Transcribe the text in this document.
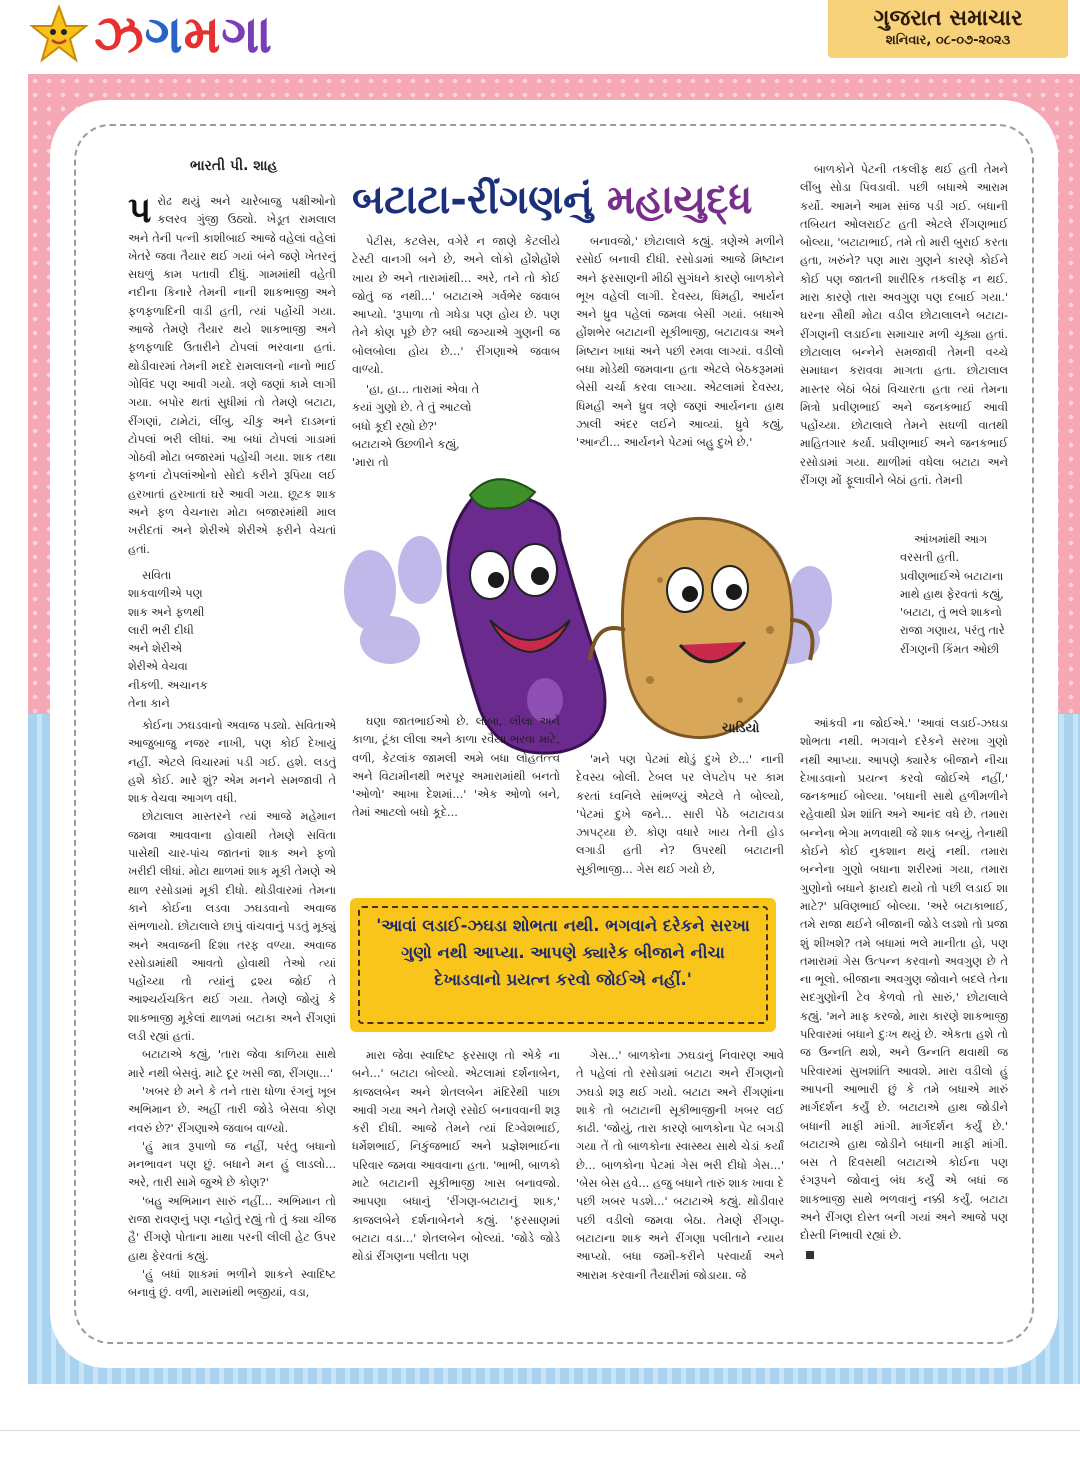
ઝગમગ	ગુજરાત સમાચાર
શનિવાર, ૦૮-૦૭-૨૦૨૩
ભારતી પી. શાહ
બટાટા-રીંગણનું મહાયુદ્ધ
પ રોઢ થયું અને ચારેબાજુ પક્ષીઓનો કલરવ ગુંજી ઉઠ્યો. ખેડૂત રામલાલ અને તેની પત્ની કાશીબાઈ આજે વહેલાં વહેલાં ખેતરે જવા તૈયાર થઈ ગયાં બંને જણે ખેતરનું સઘળું કામ પતાવી દીધું. ગામમાંથી વહેતી નદીના કિનારે તેમની નાની શાકભાજી અને ફળફળાદિની વાડી હતી, ત્યાં પહોંચી ગયા. આજે તેમણે તૈયાર થયે શાકભાજી અને ફળફળાદિ ઉતારીને ટોપલાં ભરવાના હતાં. થોડીવારમાં તેમની મદદે રામલાલનો નાનો ભાઈ ગોવિંદ પણ આવી ગયો. ત્રણે જણાં કામે લાગી ગયા. બપોર થતાં સુધીમાં તો તેમણે બટાટા, રીંગણાં, ટામેટાં, લીંબુ, ચીકુ અને દાડમનાં ટોપલાં ભરી લીધાં. આ બધાં ટોપલાં ગાડામાં ગોઠવી મોટા બજારમાં પહોંચી ગયા. શાક તથા ફળનાં ટોપલાંઓનો સોદો કરીને રૂપિયા લઈ હરખાતાં હરખાતાં ઘરે આવી ગયા. છૂટક શાક અને ફળ વેચનારા મોટા બજારમાંથી માલ ખરીદતાં અને શેરીએ શેરીએ ફરીને વેચતાં હતાં.

સવિતા શાકવાળીએ પણ શાક અને ફળથી લારી ભરી દીધી અને શેરીએ શેરીએ વેચવા નીકળી. અચાનક તેના કાને

કોઈના ઝઘડવાનો અવાજ પડ્યો. સવિતાએ આજુબાજુ નજર નાખી, પણ કોઈ દેખાયું નહીં. એટલે વિચારમાં પડી ગઈ. હશે. લડતું હશે કોઈ. મારે શું? એમ મનને સમજાવી તે શાક વેચવા આગળ વધી.

છોટાલાલ માસ્તરને ત્યાં આજે મહેમાન જમવા આવવાના હોવાથી તેમણે સવિતા પાસેથી ચાર-પાંચ જાતનાં શાક અને ફળો ખરીદી લીધાં. મોટા થાળમાં શાક મૂકી તેમણે એ થાળ રસોડામાં મૂકી દીધો. થોડીવારમાં તેમના કાને કોઈના લડવા ઝઘડવાનો અવાજ સંભળાયો. છોટાલાલે છાપું વાંચવાનું પડતું મૂક્યું અને અવાજની દિશા તરફ વળ્યા. અવાજ રસોડામાંથી આવતો હોવાથી તેઓ ત્યાં પહોંચ્યા તો ત્યાંનું દ્રશ્ય જોઈ તે આશ્ચર્યચકિત થઈ ગયા. તેમણે જોયું કે શાકભાજી મૂકેલાં થાળમાં બટાકા અને રીંગણાં લડી રહ્યાં હતાં.

બટાટાએ કહ્યું, 'તારા જેવા કાળિયા સાથે મારે નથી બેસવું. માટે દૂર ખસી જા, રીંગણા...'

'ખબર છે મને કે તને તારા ધોળા રંગનું ખૂબ અભિમાન છે. અહીં તારી જોડે બેસવા કોણ નવરું છે?' રીંગણાએ જવાબ વાળ્યો.

'હું માત્ર રૂપાળો જ નહીં, પરંતુ બધાનો મનભાવન પણ છું. બધાને મન હું લાડલો... અરે, તારી સામે જુએ છે કોણ?'

'બહુ અભિમાન સારું નહીં... અભિમાન તો રાજા રાવણનું પણ નહોતું રહ્યું તો તું ક્યા ચીજ હૈ' રીંગણે પોતાના માથા પરની લીલી હેટ ઉપર હાથ ફેરવતાં કહ્યું.

'હું બધાં શાકમાં ભળીને શાકને સ્વાદિષ્ટ બનાવું છું. વળી, મારામાંથી ભજીયાં, વડા,

પેટીસ, કટલેસ, વગેરે ન જાણે કેટલીયે ટેસ્ટી વાનગી બને છે, અને લોકો હોંશેહોંશે ખાય છે અને તારામાંથી... અરે, તને તો કોઈ જોતું જ નથી...' બટાટાએ ગર્વભેર જવાબ આપ્યો. 'રૂપાળા તો ગધેડા પણ હોય છે. પણ તેને કોણ પૂછે છે? બધી જગ્યાએ ગુણની જ બોલબોલા હોય છે...' રીંગણાએ જવાબ વાળ્યો.

'હા, હા... તારામાં એવા તે કયાં ગુણો છે. તે તું આટલો બધો કૂદી રહ્યો છે?' બટાટાએ ઉછળીને કહ્યું, 'મારા તો

બનાવજો,' છોટાલાલે કહ્યું. ત્રણેએ મળીને રસોઈ બનાવી દીધી. રસોડામાં આજે મિષ્ટાન અને ફરસાણની મીઠી સુગંધને કારણે બાળકોને ભૂખ વહેલી લાગી. દેવસ્ય, ધિમહી, આર્યન અને ધ્રુવ પહેલાં જમવા બેસી ગયાં. બધાએ હોંશભેર બટાટાની સૂકીભાજી, બટાટાવડા અને મિષ્ટાન ખાધાં અને પછી રમવા લાગ્યાં. વડીલો બધા મોડેથી જમવાના હતા એટલે બેઠકરૂમમાં બેસી ચર્ચા કરવા લાગ્યા. એટલામાં દેવસ્ય, ધિમહી અને ધ્રુવ ત્રણે જણાં આર્યનના હાથ ઝાલી અંદર લઈને આવ્યાં. ધ્રુવે કહ્યું, 'આન્ટી... આર્યનને પેટમાં બહુ દુખે છે.'

બાળકોને પેટની તકલીફ થઈ હતી તેમને લીંબુ સોડા પિવડાવી. પછી બધાએ આરામ કર્યો. આમને આમ સાંજ પડી ગઈ. બધાની તબિયત ઓલરાઈટ હતી એટલે રીંગણભાઈ બોલ્યા, 'બટાટાભાઈ, તમે તો મારી બુરાઈ કરતા હતા, ખરુંને? પણ મારા ગુણને કારણે કોઈને કોઈ પણ જાતની શારીરિક તકલીફ ન થઈ. મારા કારણે તારા અવગુણ પણ દબાઈ ગયા.' ઘરના સૌથી મોટા વડીલ છોટાલાલને બટાટા-રીંગણની લડાઈના સમાચાર મળી ચૂક્યા હતાં. છોટાલાલ બન્નેને સમજાવી તેમની વચ્ચે સમાધાન કરાવવા માગતા હતા. છોટાલાલ માસ્તર બેઠાં બેઠાં વિચારતા હતા ત્યાં તેમના મિત્રો પ્રવીણભાઈ અને જનકભાઈ આવી પહોંચ્યા. છોટાલાલે તેમને સઘળી વાતથી માહિતગાર કર્યા. પ્રવીણભાઈ અને જનકભાઈ રસોડામાં ગયા. થાળીમાં વધેલા બટાટા અને રીંગણ મોં ફૂલાવીને બેઠાં હતાં. તેમની

આંખમાંથી આગ વરસતી હતી. પ્રવીણભાઈએ બટાટાના માથે હાથ ફેરવતાં કહ્યું, 'બટાટા, તું ભલે શાકનો રાજા ગણાય, પરંતુ તારે રીંગણની કિંમત ઓછી

ચાડિયો

ઘણા જાતભાઈઓ છે. લાંબા, લીલા અને કાળા, ટૂંકા લીલા અને કાળા રવૈયા ભરવા માટે, વળી, કેટલાંક જામલી અમે બધા લોહતત્ત્વ અને વિટામીનથી ભરપૂર અમારામાંથી બનતો 'ઓળો' આખા દેશમાં...' 'એક ઓળો બને, તેમાં આટલો બધો કૂદે...

'મને પણ પેટમાં થોડું દુખે છે...' નાની દેવસ્ય બોલી. ટેબલ પર લેપટોપ પર કામ કરતાં ધ્વનિલે સાંભળ્યું એટલે તે બોલ્યો, 'પેટમાં દુખે જને... સારી પેઠે બટાટાવડા ઝાપટ્યા છે. કોણ વધારે ખાય તેની હોડ લગાડી હતી ને? ઉપરથી બટાટાની સૂકીભાજી... ગેસ થઈ ગયો છે,

આંકવી ના જોઈએ.' 'આવાં લડાઈ-ઝઘડા શોભતા નથી. ભગવાને દરેકને સરખા ગુણો નથી આપ્યા. આપણે ક્યારેક બીજાને નીચા દેખાડવાનો પ્રયત્ન કરવો જોઈએ નહીં,' જનકભાઈ બોલ્યા. 'બધાની સાથે હળીમળીને રહેવાથી પ્રેમ શાંતિ અને આનંદ વધે છે. તમારા બન્નેના ભેગા મળવાથી જે શાક બન્યું, તેનાથી કોઈને કોઈ નુકશાન થયું નથી. તમારા બન્નેના ગુણો બધાના શરીરમાં ગયા, તમારા ગુણોનો બધાને ફાયદો થયો તો પછી લડાઈ શા માટે?' પ્રવિણભાઈ બોલ્યા. 'અરે બટાકાભાઈ, તમે રાજા થઈને બીજાની જોડે લડશો તો પ્રજા શું શીખશે? તમે બધામાં ભલે માનીતા હો, પણ તમારામાં ગેસ ઉત્પન્ન કરવાનો અવગુણ છે તે ના ભૂલો. બીજાના અવગુણ જોવાને બદલે તેના સદગુણોની ટેવ કેળવો તો સારું,' છોટાલાલે કહ્યું. 'મને માફ કરજો, મારા કારણે શાકભાજી પરિવારમાં બધાને દુઃખ થયું છે. એકતા હશે તો જ ઉન્નતિ થશે, અને ઉન્નતિ થવાથી જ પરિવારમાં સુખશાંતિ આવશે. મારા વડીલો હું આપની આભારી છું કે તમે બધાએ મારું માર્ગદર્શન કર્યું છે. બટાટાએ હાથ જોડીને બધાની માફી માંગી. માર્ગદર્શન કર્યું છે.' બટાટાએ હાથ જોડીને બધાની માફી માંગી. બસ તે દિવસથી બટાટાએ કોઈના પણ રંગરૂપને જોવાનું બંધ કર્યું એ બધાં જ શાકભાજી સાથે ભળવાનું નક્કી કર્યું. બટાટા અને રીંગણ દોસ્ત બની ગયાં અને આજે પણ દોસ્તી નિભાવી રહ્યાં છે.

'આવાં લડાઈ-ઝઘડા શોભતા નથી. ભગવાને દરેકને સરખા ગુણો નથી આપ્યા. આપણે ક્યારેક બીજાને નીચા દેખાડવાનો પ્રયત્ન કરવો જોઈએ નહીં.'

મારા જેવા સ્વાદિષ્ટ ફરસાણ તો એકે ના બને...' બટાટા બોલ્યો. એટલામાં દર્શનાબેન, કાજલબેન અને શેતલબેન મંદિરેથી પાછા આવી ગયા અને તેમણે રસોઈ બનાવવાની શરૂ કરી દીધી. આજે તેમને ત્યાં દિગ્વેશભાઈ, ધર્મેશભાઈ, નિકુંજભાઈ અને પ્રજ્ઞેશભાઈના પરિવાર જમવા આવવાના હતા. 'ભાભી, બાળકો માટે બટાટાની સૂકીભાજી ખાસ બનાવજો. આપણા બધાનું 'રીંગણ-બટાટાનું શાક,' કાજલબેને દર્શનાબેનને કહ્યું. 'ફરસાણમાં બટાટા વડા...' શેતલબેન બોલ્યાં. 'જોડે જોડે થોડાં રીંગણના પલીતા પણ

ગેસ...' બાળકોના ઝઘડાનું નિવારણ આવે તે પહેલાં તો રસોડામાં બટાટા અને રીંગણનો ઝઘડો શરૂ થઈ ગયો. બટાટા અને રીંગણાંના શાકે તો બટાટાની સૂકીભાજીની ખબર લઈ કાઢી. 'જોયું, તારા કારણે બાળકોના પેટ બગડી ગયા તેં તો બાળકોના સ્વાસ્થ્ય સાથે ચેડાં કર્યાં છે... બાળકોના પેટમાં ગેસ ભરી દીધો ગેસ...' 'બેસ બેસ હવે... હજુ બધાને તારું શાક ખાવા દે પછી ખબર પડશે...' બટાટાએ કહ્યું. થોડીવાર પછી વડીલો જમવા બેઠા. તેમણે રીંગણ-બટાટાના શાક અને રીંગણા પલીતાને ન્યાય આપ્યો. બધા જમી-કરીને પરવાર્યા અને આરામ કરવાની તૈયારીમાં જોડાયા. જે
